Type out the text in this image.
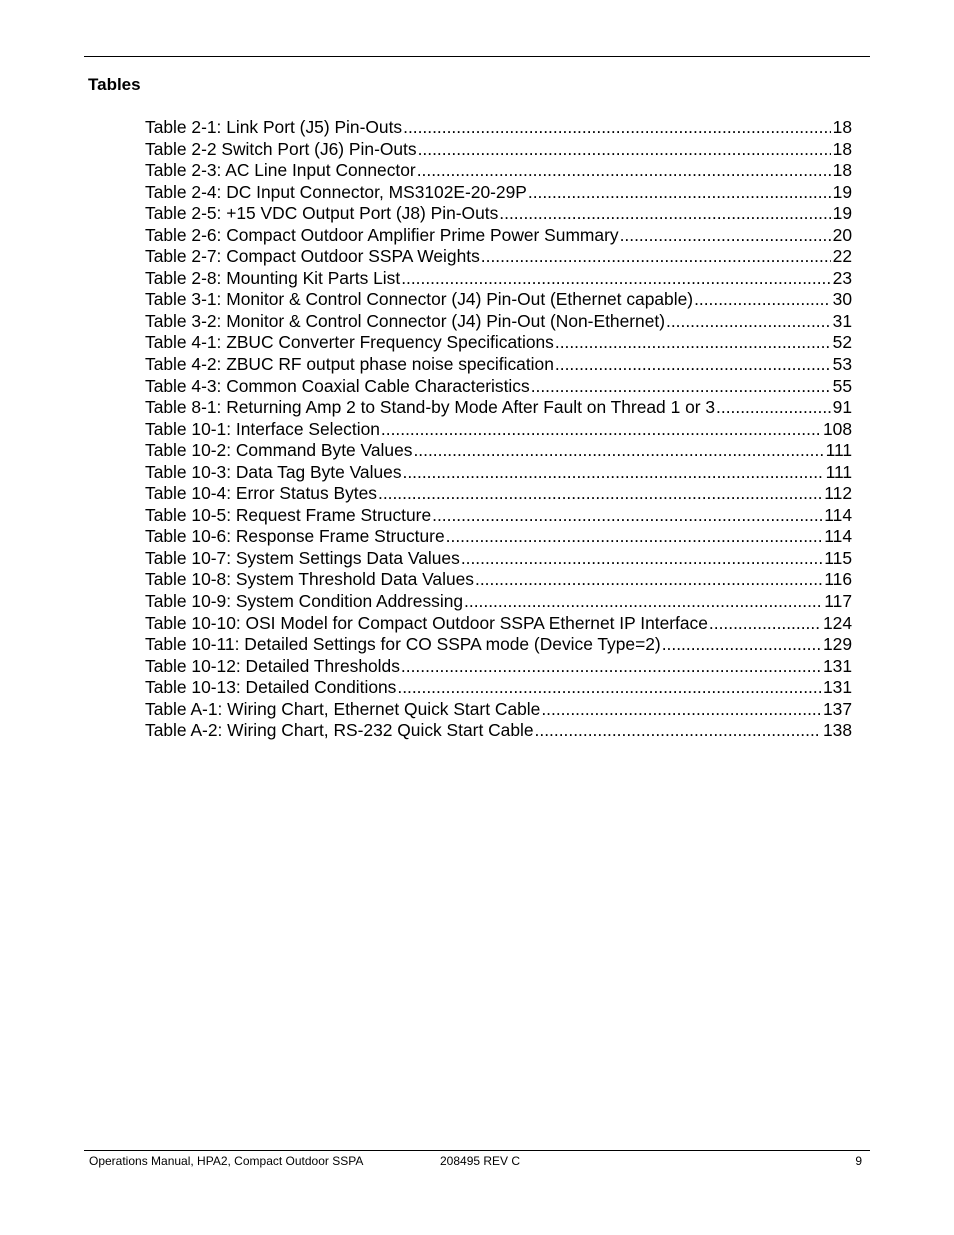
Tables
Table 2-1: Link Port (J5) Pin-Outs .....	18
Table 2-2 Switch Port (J6) Pin-Outs .....	18
Table 2-3: AC Line Input Connector .....	18
Table 2-4: DC Input Connector, MS3102E-20-29P .....	19
Table 2-5: +15 VDC Output Port (J8) Pin-Outs .....	19
Table 2-6: Compact Outdoor Amplifier Prime Power Summary .....	20
Table 2-7: Compact Outdoor SSPA Weights .....	22
Table 2-8: Mounting Kit Parts List .....	23
Table 3-1: Monitor & Control Connector (J4) Pin-Out (Ethernet capable) .....	30
Table 3-2: Monitor & Control Connector (J4) Pin-Out (Non-Ethernet) .....	31
Table 4-1: ZBUC Converter Frequency Specifications .....	52
Table 4-2: ZBUC RF output phase noise specification .....	53
Table 4-3: Common Coaxial Cable Characteristics .....	55
Table 8-1: Returning Amp 2 to Stand-by Mode After Fault on Thread 1 or 3 .....	91
Table 10-1: Interface Selection .....	108
Table 10-2: Command Byte Values .....	111
Table 10-3: Data Tag Byte Values .....	111
Table 10-4: Error Status Bytes .....	112
Table 10-5: Request Frame Structure .....	114
Table 10-6: Response Frame Structure .....	114
Table 10-7: System Settings Data Values .....	115
Table 10-8: System Threshold Data Values .....	116
Table 10-9: System Condition Addressing .....	117
Table 10-10: OSI Model for Compact Outdoor SSPA Ethernet IP Interface .....	124
Table 10-11: Detailed Settings for CO SSPA mode (Device Type=2) .....	129
Table 10-12: Detailed Thresholds .....	131
Table 10-13: Detailed Conditions .....	131
Table A-1: Wiring Chart, Ethernet Quick Start Cable .....	137
Table A-2: Wiring Chart, RS-232 Quick Start Cable .....	138
Operations Manual, HPA2, Compact Outdoor SSPA	208495 REV C	9
